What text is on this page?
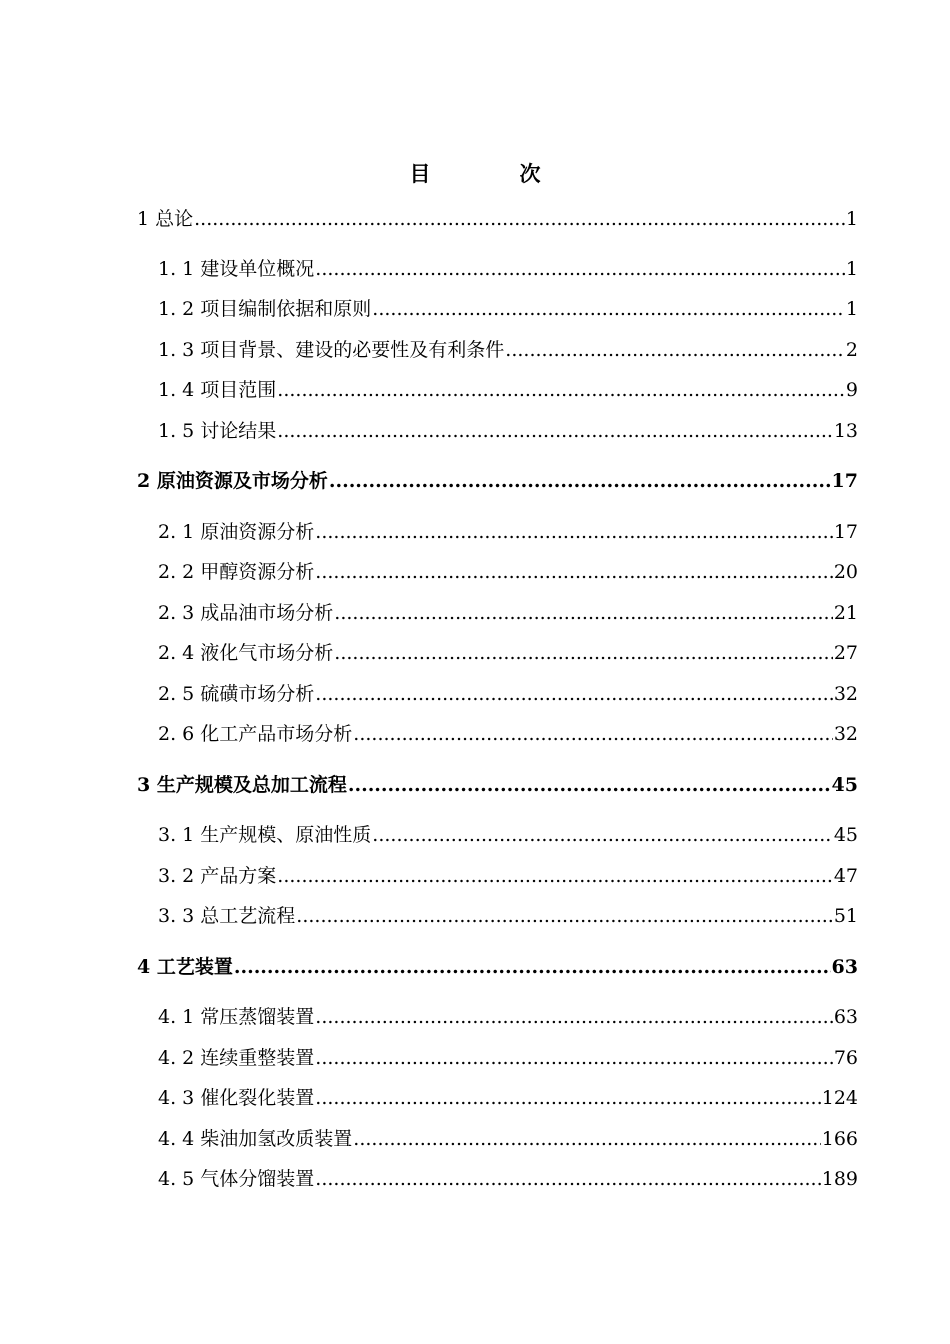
目　次
1 总论 .....	1
1. 1 建设单位概况 .....	1
1. 2 项目编制依据和原则 .....	1
1. 3 项目背景、建设的必要性及有利条件 .....	2
1. 4 项目范围 .....	9
1. 5 讨论结果 .....	13
2 原油资源及市场分析 .....	17
2. 1 原油资源分析 .....	17
2. 2 甲醇资源分析 .....	20
2. 3 成品油市场分析 .....	21
2. 4 液化气市场分析 .....	27
2. 5 硫磺市场分析 .....	32
2. 6 化工产品市场分析 .....	32
3 生产规模及总加工流程 .....	45
3. 1 生产规模、原油性质 .....	45
3. 2 产品方案 .....	47
3. 3 总工艺流程 .....	51
4 工艺装置 .....	63
4. 1 常压蒸馏装置 .....	63
4. 2 连续重整装置 .....	76
4. 3 催化裂化装置 .....	124
4. 4 柴油加氢改质装置 .....	166
4. 5 气体分馏装置 .....	189
